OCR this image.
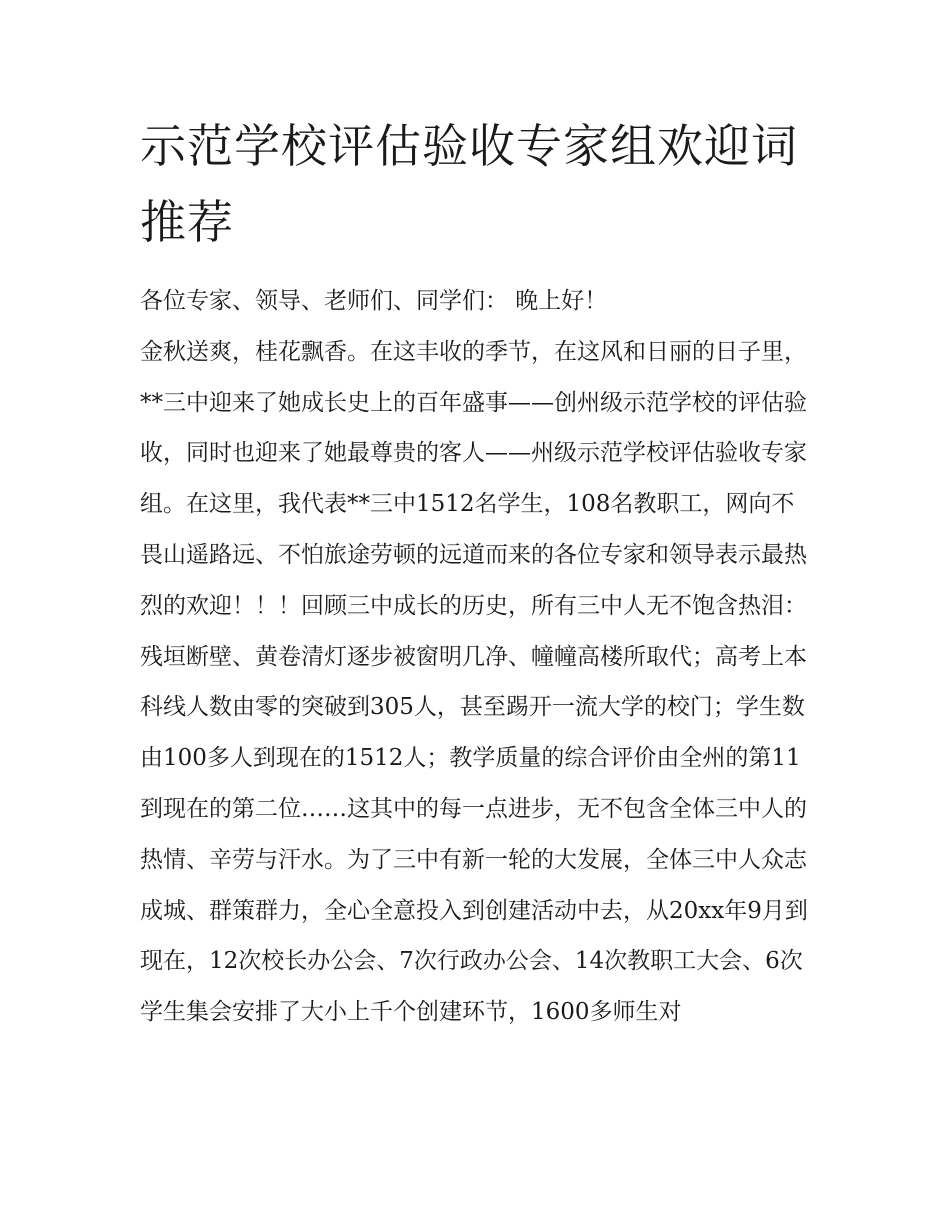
示范学校评估验收专家组欢迎词推荐

各位专家、领导、老师们、同学们： 晚上好！

金秋送爽，桂花飘香。在这丰收的季节，在这风和日丽的日子里，**三中迎来了她成长史上的百年盛事——创州级示范学校的评估验收，同时也迎来了她最尊贵的客人——州级示范学校评估验收专家组。在这里，我代表**三中1512名学生，108名教职工，网向不畏山遥路远、不怕旅途劳顿的远道而来的各位专家和领导表示最热烈的欢迎！！！回顾三中成长的历史，所有三中人无不饱含热泪：残垣断壁、黄卷清灯逐步被窗明几净、幢幢高楼所取代；高考上本科线人数由零的突破到305人，甚至踢开一流大学的校门；学生数由100多人到现在的1512人；教学质量的综合评价由全州的第11到现在的第二位……这其中的每一点进步，无不包含全体三中人的热情、辛劳与汗水。为了三中有新一轮的大发展，全体三中人众志成城、群策群力，全心全意投入到创建活动中去，从20xx年9月到现在，12次校长办公会、7次行政办公会、14次教职工大会、6次学生集会安排了大小上千个创建环节，1600多师生对
